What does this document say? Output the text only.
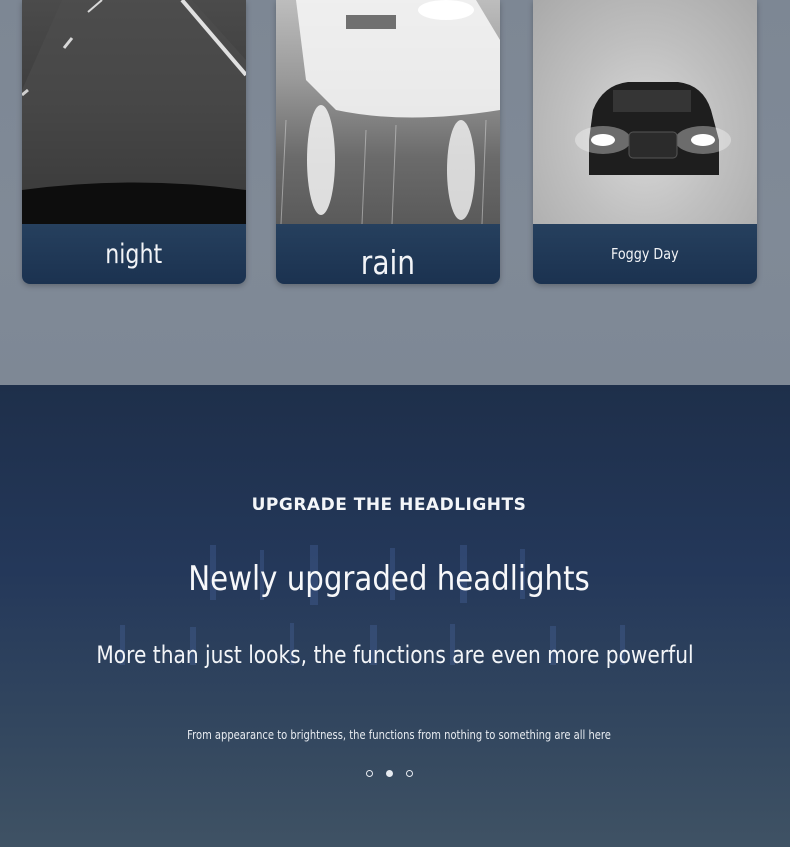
night	rain	Foggy Day
UPGRADE THE HEADLIGHTS
Newly upgraded headlights
More than just looks, the functions are even more powerful
From appearance to brightness, the functions from nothing to something are all here
